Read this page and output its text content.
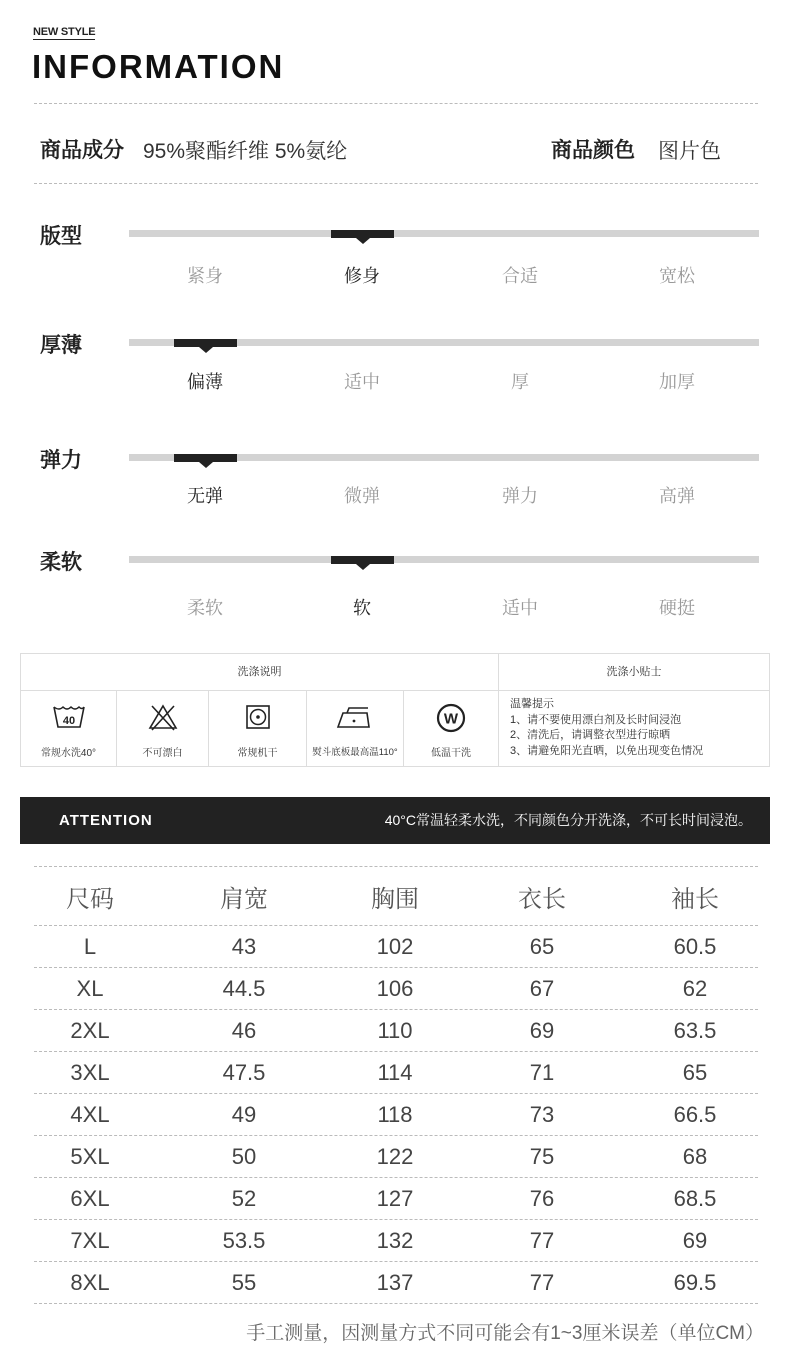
NEW STYLE
INFORMATION
商品成分 95%聚酯纤维 5%氨纶	商品颜色 图片色
版型
厚薄
弹力
柔软
洗涤说明	洗涤小贴士
40
常规水洗40°	不可漂白	常规机干	熨斗底板最高温110°
W
低温干洗
温馨提示
1、请不要使用漂白剂及长时间浸泡
2、清洗后，请调整衣型进行晾晒
3、请避免阳光直晒，以免出现变色情况
ATTENTION	40°C常温轻柔水洗，不同颜色分开洗涤，不可长时间浸泡。
尺码	肩宽	胸围	衣长	袖长
L	43	102	65	60.5
XL	44.5	106	67	62
2XL	46	110	69	63.5
3XL	47.5	114	71	65
4XL	49	118	73	66.5
5XL	50	122	75	68
6XL	52	127	76	68.5
7XL	53.5	132	77	69
8XL	55	137	77	69.5
手工测量，因测量方式不同可能会有1~3厘米误差（单位CM）
紧身	修身	合适	宽松
偏薄	适中	厚	加厚
无弹	微弹	弹力	高弹
柔软	软	适中	硬挺
